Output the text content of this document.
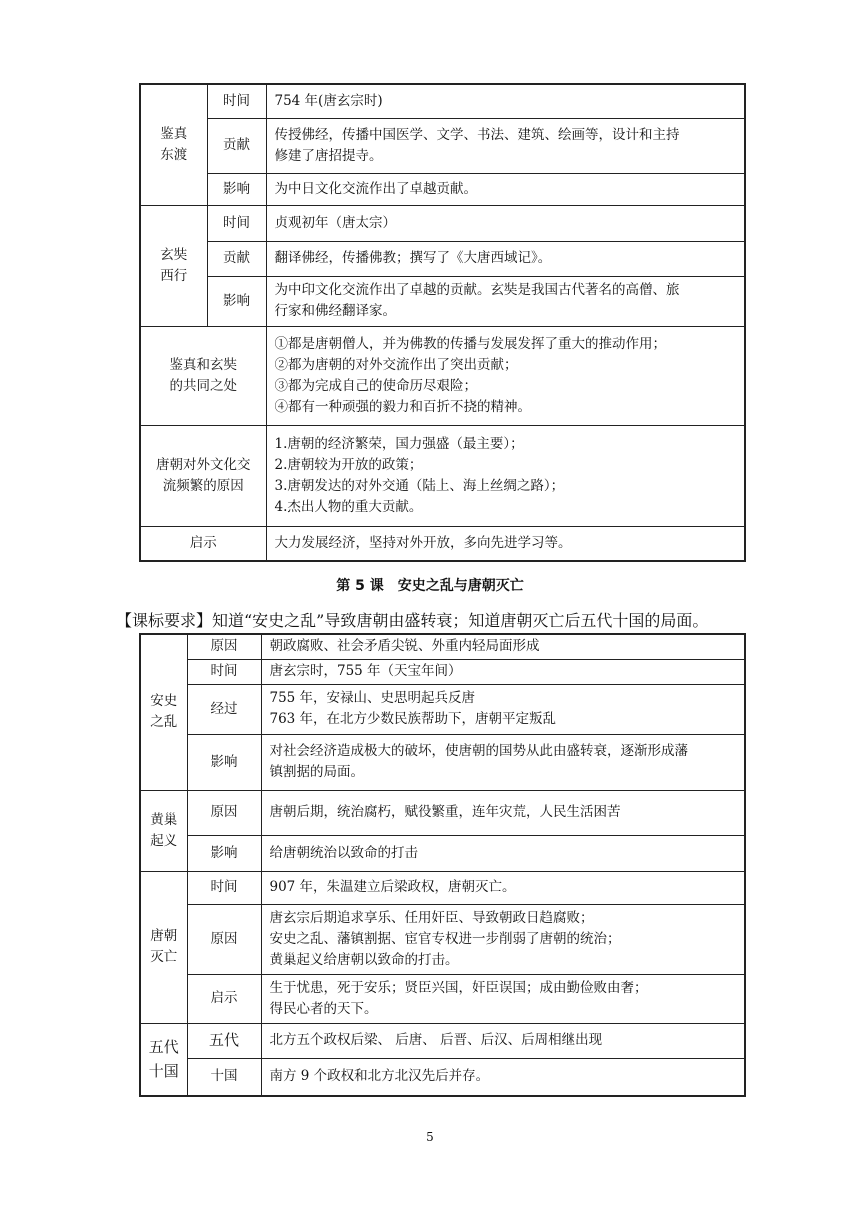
鉴真
东渡	时间	754 年(唐玄宗时)
	贡献	传授佛经，传播中国医学、文学、书法、建筑、绘画等，设计和主持
修建了唐招提寺。

	影响	为中日文化交流作出了卓越贡献。

玄奘
西行	时间	贞观初年（唐太宗）
	贡献	翻译佛经，传播佛教；撰写了《大唐西域记》。
	影响	为中印文化交流作出了卓越的贡献。玄奘是我国古代著名的高僧、旅
行家和佛经翻译家。

鉴真和玄奘
的共同之处		①都是唐朝僧人，并为佛教的传播与发展发挥了重大的推动作用；
②都为唐朝的对外交流作出了突出贡献；
③都为完成自己的使命历尽艰险；
④都有一种顽强的毅力和百折不挠的精神。

唐朝对外文化交
流频繁的原因		1.唐朝的经济繁荣，国力强盛（最主要）；
2.唐朝较为开放的政策；
3.唐朝发达的对外交通（陆上、海上丝绸之路）；
4.杰出人物的重大贡献。

启示		大力发展经济，坚持对外开放，多向先进学习等。
第 5 课　安史之乱与唐朝灭亡
【课标要求】知道“安史之乱”导致唐朝由盛转衰；知道唐朝灭亡后五代十国的局面。
安史
之乱	原因	朝政腐败、社会矛盾尖锐、外重内轻局面形成
	时间	唐玄宗时，755 年（天宝年间）
	经过	755 年，安禄山、史思明起兵反唐
763 年，在北方少数民族帮助下，唐朝平定叛乱

	影响	对社会经济造成极大的破坏，使唐朝的国势从此由盛转衰，逐渐形成藩
镇割据的局面。

黄巢
起义	原因	唐朝后期，统治腐朽，赋役繁重，连年灾荒，人民生活困苦
	影响	给唐朝统治以致命的打击

唐朝
灭亡	时间	907 年，朱温建立后梁政权，唐朝灭亡。
	原因	唐玄宗后期追求享乐、任用奸臣、导致朝政日趋腐败；
安史之乱、藩镇割据、宦官专权进一步削弱了唐朝的统治；
黄巢起义给唐朝以致命的打击。

	启示	生于忧患，死于安乐；贤臣兴国，奸臣误国；成由勤俭败由奢；
得民心者的天下。

五代
十国	五代	北方五个政权后梁、 后唐、 后晋、后汉、后周相继出现
	十国	南方 9 个政权和北方北汉先后并存。
5
